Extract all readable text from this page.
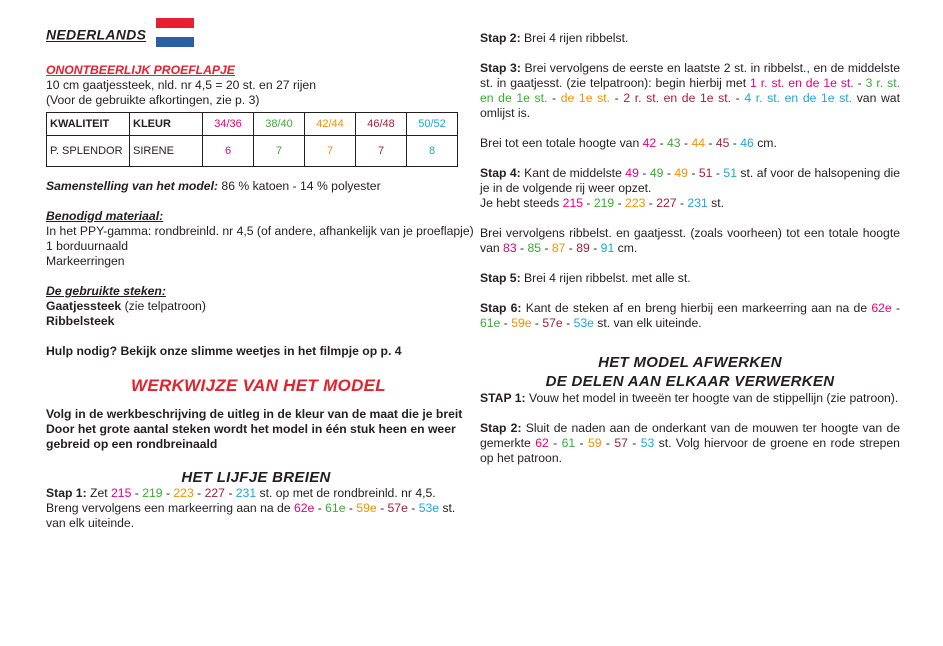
NEDERLANDS

ONONTBEERLIJK PROEFLAPJE

10 cm gaatjessteek, nld. nr 4,5 = 20 st. en 27 rijen

(Voor de gebruikte afkortingen, zie p. 3)

KWALITEIT	KLEUR	34/36	38/40	42/44	46/48	50/52
P. SPLENDOR	SIRENE	6	7	7	7	8

Samenstelling van het model: 86 % katoen - 14 % polyester

Benodigd materiaal:

In het PPY-gamma: rondbreinld. nr 4,5 (of andere, afhankelijk van je proeflapje)

1 borduurnaald

Markeerringen

De gebruikte steken:

Gaatjessteek (zie telpatroon)

Ribbelsteek

Hulp nodig? Bekijk onze slimme weetjes in het filmpje op p. 4

WERKWIJZE VAN HET MODEL

Volg in de werkbeschrijving de uitleg in de kleur van de maat die je breit

Door het grote aantal steken wordt het model in één stuk heen en weer gebreid op een rondbreinaald

HET LIJFJE BREIEN

Stap 1: Zet 215 - 219 - 223 - 227 - 231 st. op met de rondbreinld. nr 4,5. Breng vervolgens een markeerring aan na de 62e - 61e - 59e - 57e - 53e st. van elk uiteinde.

Stap 2: Brei 4 rijen ribbelst.

Stap 3: Brei vervolgens de eerste en laatste 2 st. in ribbelst., en de middelste st. in gaatjesst. (zie telpatroon): begin hierbij met 1 r. st. en de 1e st. - 3 r. st. en de 1e st. - de 1e st. - 2 r. st. en de 1e st. - 4 r. st. en de 1e st. van wat omlijst is.

Brei tot een totale hoogte van 42 - 43 - 44 - 45 - 46 cm.

Stap 4: Kant de middelste 49 - 49 - 49 - 51 - 51 st. af voor de halsopening die je in de volgende rij weer opzet.

Je hebt steeds 215 - 219 - 223 - 227 - 231 st.

Brei vervolgens ribbelst. en gaatjesst. (zoals voorheen) tot een totale hoogte van 83 - 85 - 87 - 89 - 91 cm.

Stap 5: Brei 4 rijen ribbelst. met alle st.

Stap 6: Kant de steken af en breng hierbij een markeerring aan na de 62e - 61e - 59e - 57e - 53e st. van elk uiteinde.

HET MODEL AFWERKEN

DE DELEN AAN ELKAAR VERWERKEN

STAP 1: Vouw het model in tweeën ter hoogte van de stippellijn (zie patroon).

Stap 2: Sluit de naden aan de onderkant van de mouwen ter hoogte van de gemerkte 62 - 61 - 59 - 57 - 53 st. Volg hiervoor de groene en rode strepen op het patroon.
